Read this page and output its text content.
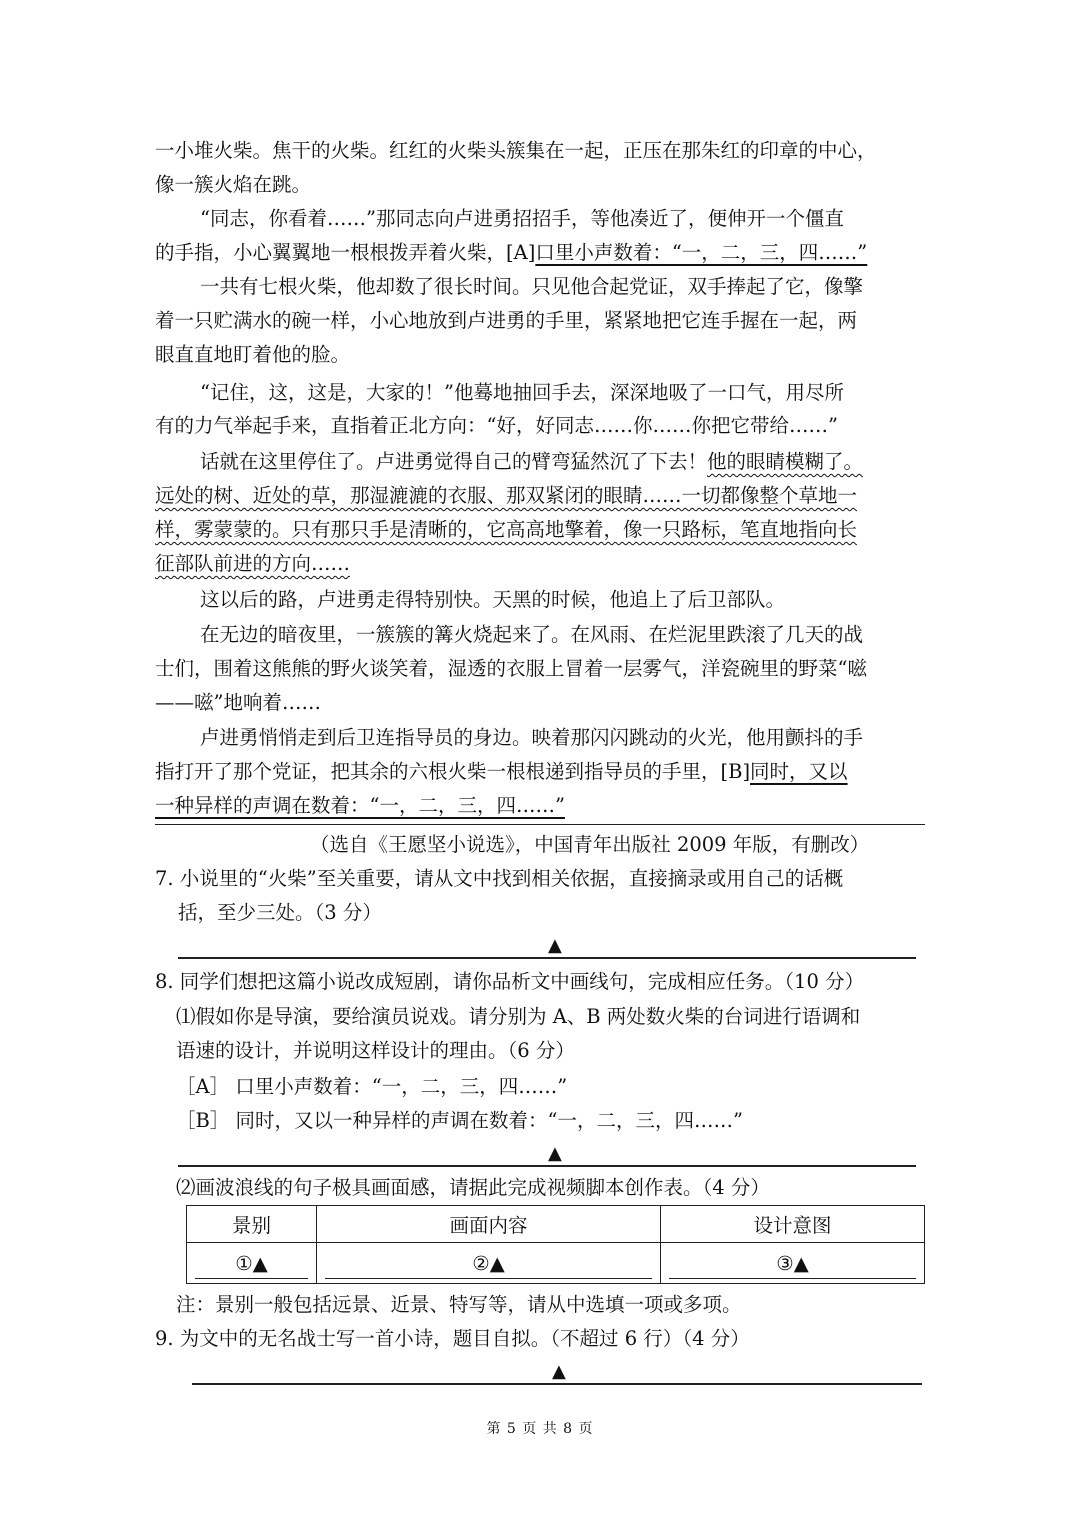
一小堆火柴。焦干的火柴。红红的火柴头簇集在一起，正压在那朱红的印章的中心，
像一簇火焰在跳。
“同志，你看着……”那同志向卢进勇招招手，等他凑近了，便伸开一个僵直
的手指，小心翼翼地一根根拨弄着火柴，[A]口里小声数着：“一，二，三，四……”
一共有七根火柴，他却数了很长时间。只见他合起党证，双手捧起了它，像擎
着一只贮满水的碗一样，小心地放到卢进勇的手里，紧紧地把它连手握在一起，两
眼直直地盯着他的脸。
“记住，这，这是，大家的！”他蓦地抽回手去，深深地吸了一口气，用尽所
有的力气举起手来，直指着正北方向：“好，好同志……你……你把它带给……”
话就在这里停住了。卢进勇觉得自己的臂弯猛然沉了下去！他的眼睛模糊了。
远处的树、近处的草，那湿漉漉的衣服、那双紧闭的眼睛……一切都像整个草地一
样，雾蒙蒙的。只有那只手是清晰的，它高高地擎着，像一只路标，笔直地指向长
征部队前进的方向……
这以后的路，卢进勇走得特别快。天黑的时候，他追上了后卫部队。
在无边的暗夜里，一簇簇的篝火烧起来了。在风雨、在烂泥里跌滚了几天的战
士们，围着这熊熊的野火谈笑着，湿透的衣服上冒着一层雾气，洋瓷碗里的野菜“嗞
——嗞”地响着……
卢进勇悄悄走到后卫连指导员的身边。映着那闪闪跳动的火光，他用颤抖的手
指打开了那个党证，把其余的六根火柴一根根递到指导员的手里，[B]同时，又以
一种异样的声调在数着：“一，二，三，四……”
（选自《王愿坚小说选》，中国青年出版社 2009 年版，有删改）
7. 小说里的“火柴”至关重要，请从文中找到相关依据，直接摘录或用自己的话概
括，至少三处。（3 分）
▲
8. 同学们想把这篇小说改成短剧，请你品析文中画线句，完成相应任务。（10 分）
⑴假如你是导演，要给演员说戏。请分别为 A、B 两处数火柴的台词进行语调和
语速的设计，并说明这样设计的理由。（6 分）
［A］ 口里小声数着：“一，二，三，四……”
［B］ 同时，又以一种异样的声调在数着：“一，二，三，四……”
▲
⑵画波浪线的句子极具画面感，请据此完成视频脚本创作表。（4 分）
景别	画面内容	设计意图

①▲	②▲	③▲
注：景别一般包括远景、近景、特写等，请从中选填一项或多项。
9. 为文中的无名战士写一首小诗，题目自拟。（不超过 6 行）（4 分）
▲
第 5 页 共 8 页
